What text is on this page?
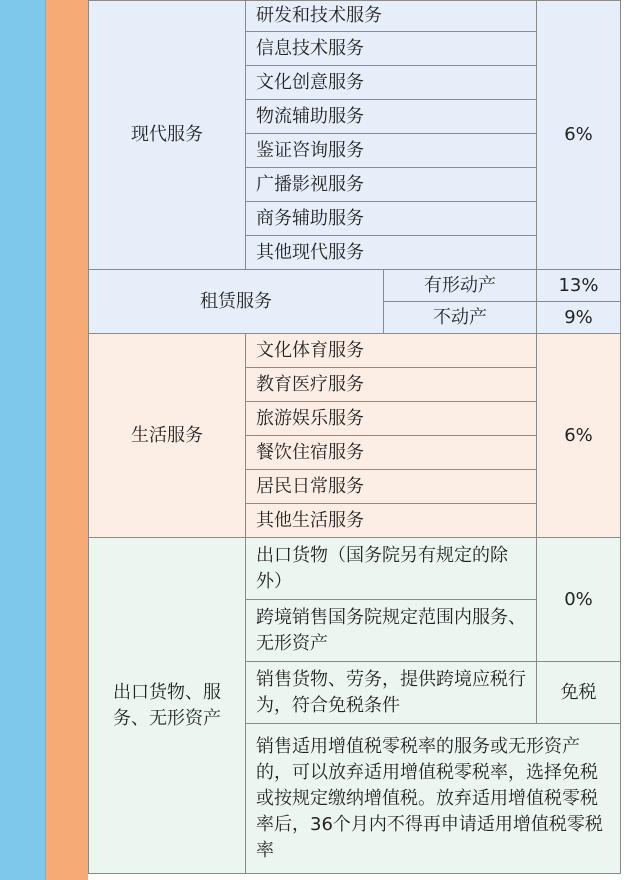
现代服务	研发和技术服务		6%
	信息技术服务		
	文化创意服务		
	物流辅助服务		
	鉴证咨询服务		
	广播影视服务		
	商务辅助服务		
	其他现代服务		
租赁服务		有形动产	13%
		不动产	9%
生活服务	文化体育服务		6%
	教育医疗服务		
	旅游娱乐服务		
	餐饮住宿服务		
	居民日常服务		
	其他生活服务		
出口货物、服务、无形资产	出口货物（国务院另有规定的除外）		0%
	跨境销售国务院规定范围内服务、无形资产		
	销售货物、劳务，提供跨境应税行为，符合免税条件		免税
	销售适用增值税零税率的服务或无形资产的，可以放弃适用增值税零税率，选择免税或按规定缴纳增值税。放弃适用增值税零税率后，36个月内不得再申请适用增值税零税率		
